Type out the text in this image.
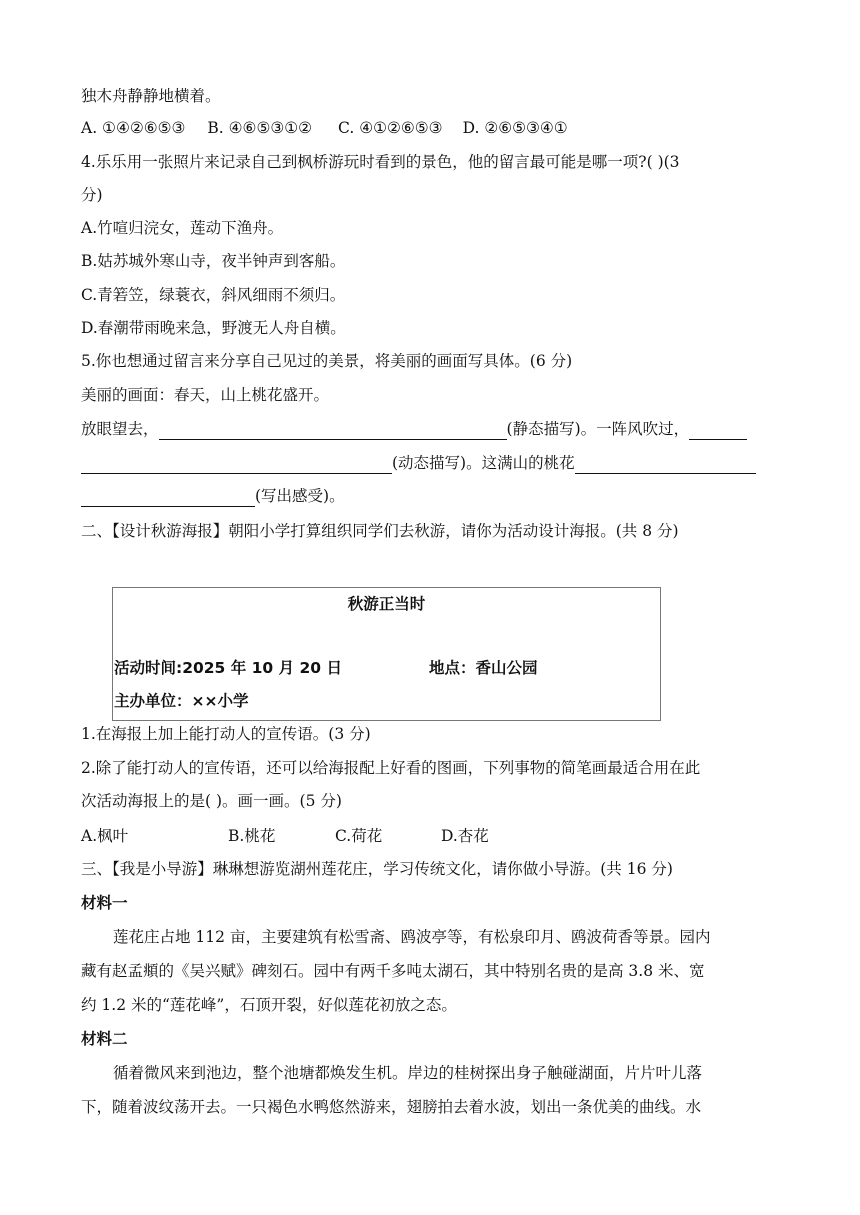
独木舟静静地横着。
A. ①④②⑥⑤③ B. ④⑥⑤③①② C. ④①②⑥⑤③ D. ②⑥⑤③④①
4.乐乐用一张照片来记录自己到枫桥游玩时看到的景色，他的留言最可能是哪一项?( )(3
分)
A.竹喧归浣女，莲动下渔舟。
B.姑苏城外寒山寺，夜半钟声到客船。
C.青箬笠，绿蓑衣，斜风细雨不须归。
D.春潮带雨晚来急，野渡无人舟自横。
5.你也想通过留言来分享自己见过的美景，将美丽的画面写具体。(6 分)
美丽的画面：春天，山上桃花盛开。
放眼望去，	(静态描写)。一阵风吹过，
(动态描写)。这满山的桃花
(写出感受)。
二、【设计秋游海报】朝阳小学打算组织同学们去秋游，请你为活动设计海报。(共 8 分)
秋游正当时
活动时间:2025 年 10 月 20 日	地点：香山公园
主办单位：××小学
1.在海报上加上能打动人的宣传语。(3 分)
2.除了能打动人的宣传语，还可以给海报配上好看的图画，下列事物的简笔画最适合用在此
次活动海报上的是( )。画一画。(5 分)
A.枫叶	B.桃花	C.荷花	D.杏花
三、【我是小导游】琳琳想游览湖州莲花庄，学习传统文化，请你做小导游。(共 16 分)
材料一
莲花庄占地 112 亩，主要建筑有松雪斋、鸥波亭等，有松泉印月、鸥波荷香等景。园内
藏有赵孟頫的《吴兴赋》碑刻石。园中有两千多吨太湖石，其中特别名贵的是高 3.8 米、宽
约 1.2 米的“莲花峰”，石顶开裂，好似莲花初放之态。
材料二
循着微风来到池边，整个池塘都焕发生机。岸边的桂树探出身子触碰湖面，片片叶儿落
下，随着波纹荡开去。一只褐色水鸭悠然游来，翅膀拍去着水波，划出一条优美的曲线。水
